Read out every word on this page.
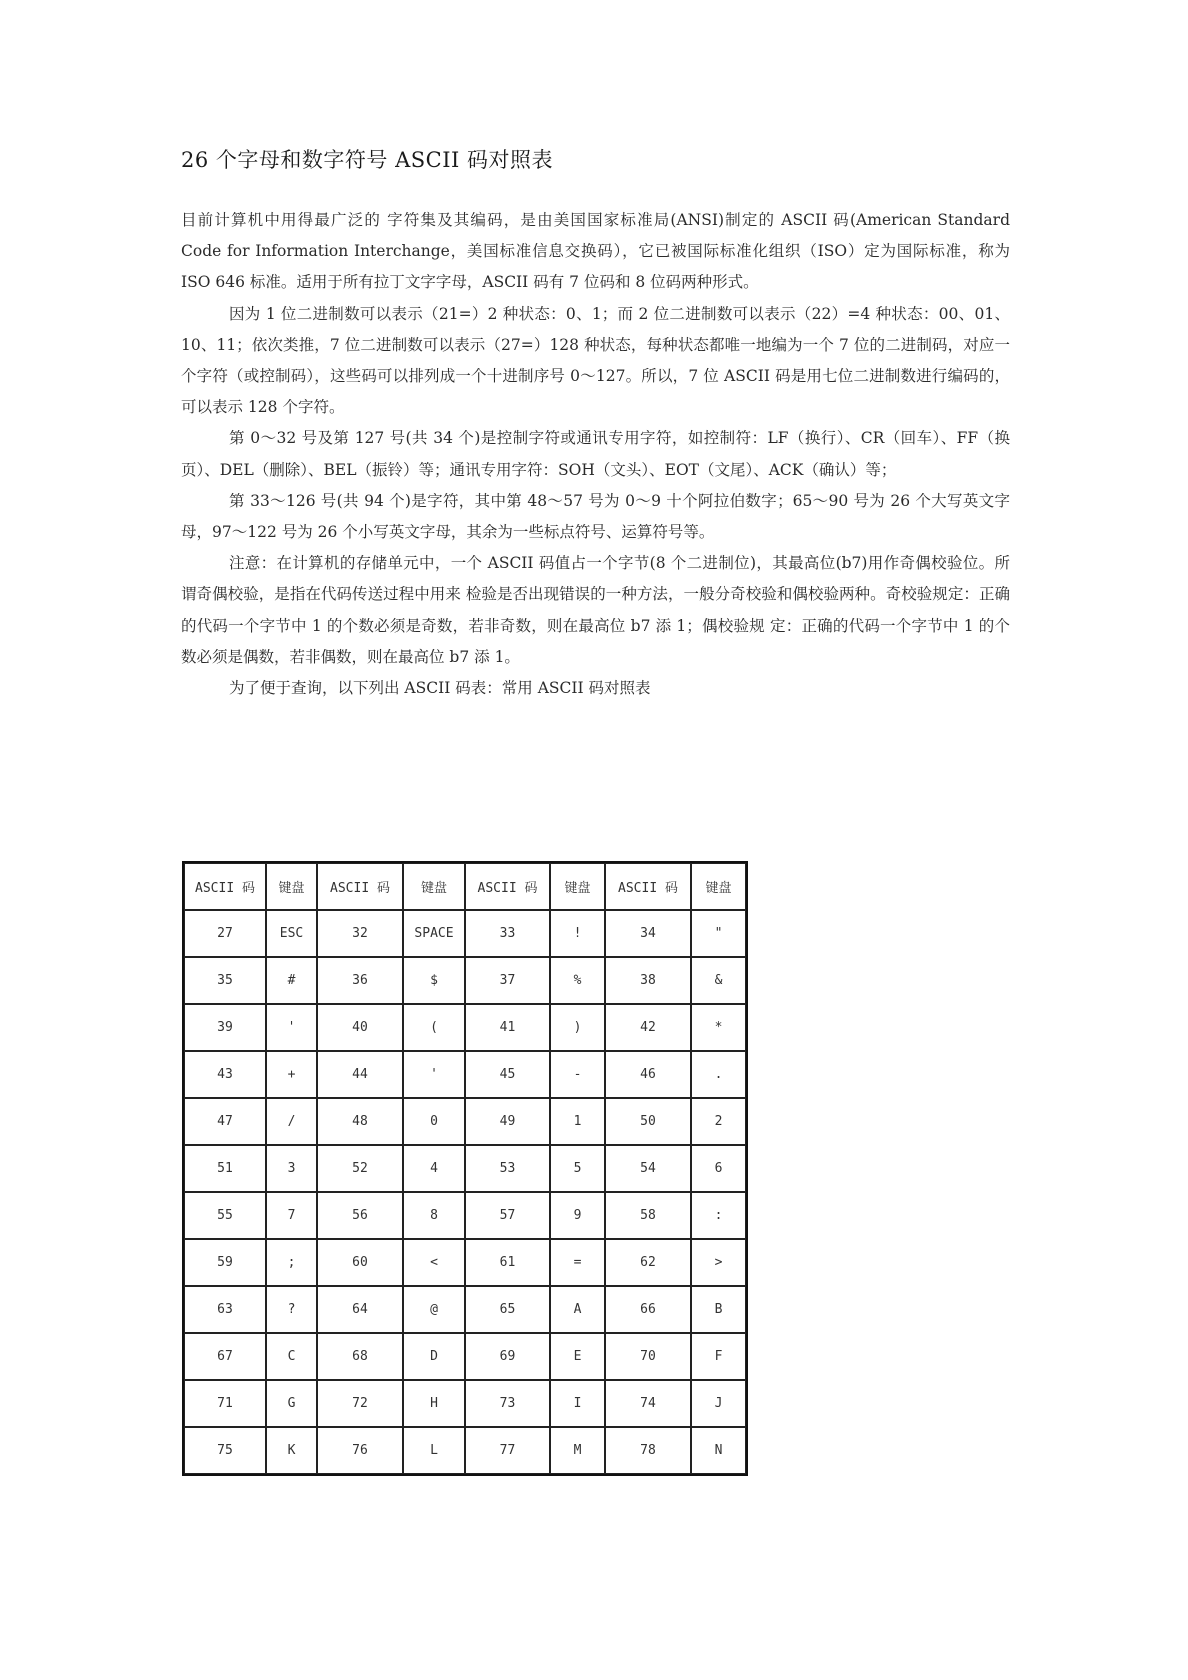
26 个字母和数字符号 ASCII 码对照表

目前计算机中用得最广泛的 字符集及其编码，是由美国国家标准局(ANSI)制定的 ASCII 码(American Standard Code for Information Interchange，美国标准信息交换码），它已被国际标准化组织（ISO）定为国际标准，称为 ISO 646 标准。适用于所有拉丁文字字母，ASCII 码有 7 位码和 8 位码两种形式。

因为 1 位二进制数可以表示（21=）2 种状态：0、1；而 2 位二进制数可以表示（22）=4 种状态：00、01、10、11；依次类推，7 位二进制数可以表示（27=）128 种状态，每种状态都唯一地编为一个 7 位的二进制码，对应一个字符（或控制码），这些码可以排列成一个十进制序号 0～127。所以，7 位 ASCII 码是用七位二进制数进行编码的，可以表示 128 个字符。

第 0～32 号及第 127 号(共 34 个)是控制字符或通讯专用字符，如控制符：LF（换行）、CR（回车）、FF（换页）、DEL（删除）、BEL（振铃）等；通讯专用字符：SOH（文头）、EOT（文尾）、ACK（确认）等；

第 33～126 号(共 94 个)是字符，其中第 48～57 号为 0～9 十个阿拉伯数字；65～90 号为 26 个大写英文字母，97～122 号为 26 个小写英文字母，其余为一些标点符号、运算符号等。

注意：在计算机的存储单元中，一个 ASCII 码值占一个字节(8 个二进制位)，其最高位(b7)用作奇偶校验位。所谓奇偶校验，是指在代码传送过程中用来 检验是否出现错误的一种方法，一般分奇校验和偶校验两种。奇校验规定：正确的代码一个字节中 1 的个数必须是奇数，若非奇数，则在最高位 b7 添 1；偶校验规 定：正确的代码一个字节中 1 的个数必须是偶数，若非偶数，则在最高位 b7 添 1。

为了便于查询，以下列出 ASCII 码表：常用 ASCII 码对照表

ASCII 码	键盘	ASCII 码	键盘	ASCII 码	键盘	ASCII 码	键盘
27	ESC	32	SPACE	33	!	34	"
35	#	36	$	37	%	38	&
39	'	40	(	41	)	42	*
43	+	44	'	45	-	46	.
47	/	48	0	49	1	50	2
51	3	52	4	53	5	54	6
55	7	56	8	57	9	58	:
59	;	60	<	61	=	62	>
63	?	64	@	65	A	66	B
67	C	68	D	69	E	70	F
71	G	72	H	73	I	74	J
75	K	76	L	77	M	78	N
